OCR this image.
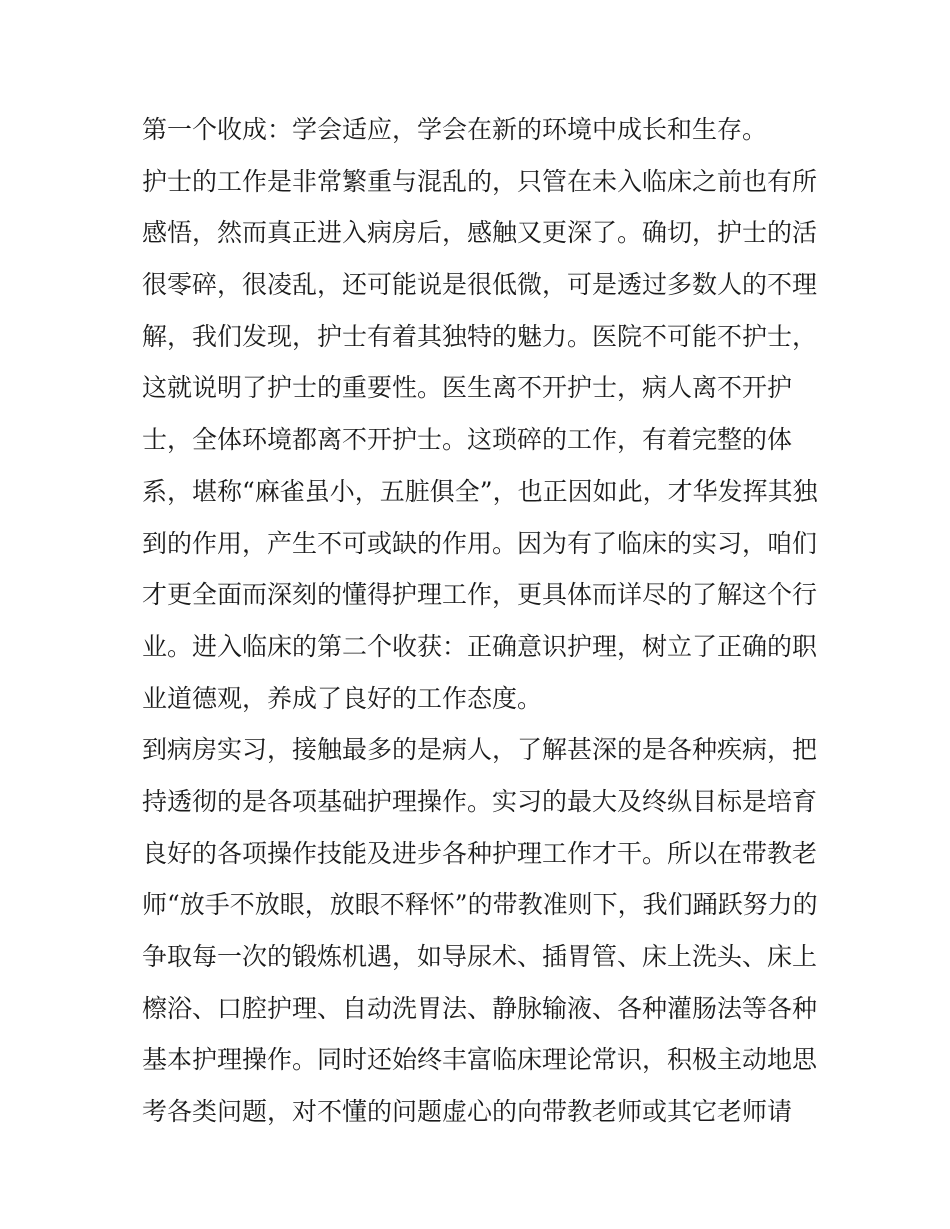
第一个收成：学会适应，学会在新的环境中成长和生存。
护士的工作是非常繁重与混乱的，只管在未入临床之前也有所
感悟，然而真正进入病房后，感触又更深了。确切，护士的活
很零碎，很凌乱，还可能说是很低微，可是透过多数人的不理
解，我们发现，护士有着其独特的魅力。医院不可能不护士，
这就说明了护士的重要性。医生离不开护士，病人离不开护
士，全体环境都离不开护士。这琐碎的工作，有着完整的体
系，堪称“麻雀虽小，五脏俱全”，也正因如此，才华发挥其独
到的作用，产生不可或缺的作用。因为有了临床的实习，咱们
才更全面而深刻的懂得护理工作，更具体而详尽的了解这个行
业。进入临床的第二个收获：正确意识护理，树立了正确的职
业道德观，养成了良好的工作态度。
到病房实习，接触最多的是病人，了解甚深的是各种疾病，把
持透彻的是各项基础护理操作。实习的最大及终纵目标是培育
良好的各项操作技能及进步各种护理工作才干。所以在带教老
师“放手不放眼，放眼不释怀”的带教准则下，我们踊跃努力的
争取每一次的锻炼机遇，如导尿术、插胃管、床上洗头、床上
檫浴、口腔护理、自动洗胃法、静脉输液、各种灌肠法等各种
基本护理操作。同时还始终丰富临床理论常识，积极主动地思
考各类问题，对不懂的问题虚心的向带教老师或其它老师请
